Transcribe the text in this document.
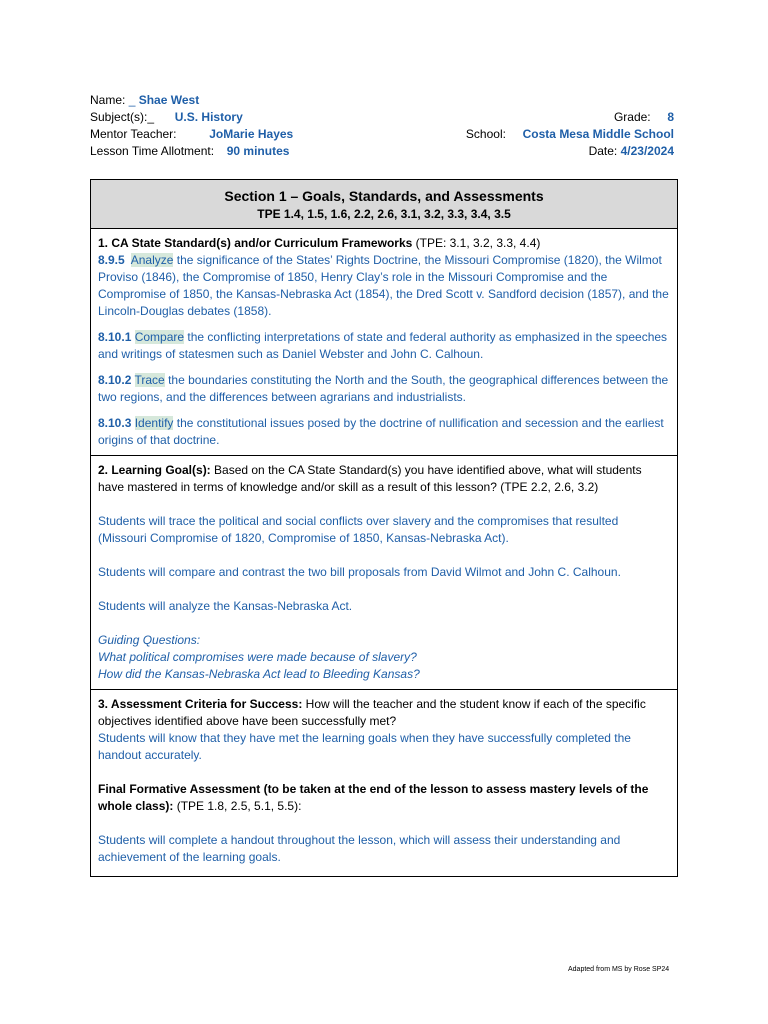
Name: _ Shae West
Subject(s):_ U.S. History	Grade: 8
Mentor Teacher:	JoMarie Hayes	School: Costa Mesa Middle School
Lesson Time Allotment: 90 minutes	Date: 4/23/2024
Section 1 – Goals, Standards, and Assessments
TPE 1.4, 1.5, 1.6, 2.2, 2.6, 3.1, 3.2, 3.3, 3.4, 3.5

1. CA State Standard(s) and/or Curriculum Frameworks (TPE: 3.1, 3.2, 3.3, 4.4)

8.9.5 Analyze the significance of the States’ Rights Doctrine, the Missouri Compromise (1820), the Wilmot Proviso (1846), the Compromise of 1850, Henry Clay’s role in the Missouri Compromise and the Compromise of 1850, the Kansas-Nebraska Act (1854), the Dred Scott v. Sandford decision (1857), and the Lincoln-Douglas debates (1858).

8.10.1 Compare the conflicting interpretations of state and federal authority as emphasized in the speeches and writings of statesmen such as Daniel Webster and John C. Calhoun.

8.10.2 Trace the boundaries constituting the North and the South, the geographical differences between the two regions, and the differences between agrarians and industrialists.

8.10.3 Identify the constitutional issues posed by the doctrine of nullification and secession and the earliest origins of that doctrine.

2. Learning Goal(s): Based on the CA State Standard(s) you have identified above, what will students have mastered in terms of knowledge and/or skill as a result of this lesson? (TPE 2.2, 2.6, 3.2)

Students will trace the political and social conflicts over slavery and the compromises that resulted (Missouri Compromise of 1820, Compromise of 1850, Kansas-Nebraska Act).

Students will compare and contrast the two bill proposals from David Wilmot and John C. Calhoun.

Students will analyze the Kansas-Nebraska Act.

Guiding Questions:

What political compromises were made because of slavery?

How did the Kansas-Nebraska Act lead to Bleeding Kansas?

3. Assessment Criteria for Success: How will the teacher and the student know if each of the specific objectives identified above have been successfully met?

Students will know that they have met the learning goals when they have successfully completed the handout accurately.

Final Formative Assessment (to be taken at the end of the lesson to assess mastery levels of the whole class): (TPE 1.8, 2.5, 5.1, 5.5):

Students will complete a handout throughout the lesson, which will assess their understanding and achievement of the learning goals.

Adapted from MS by Rose SP24
